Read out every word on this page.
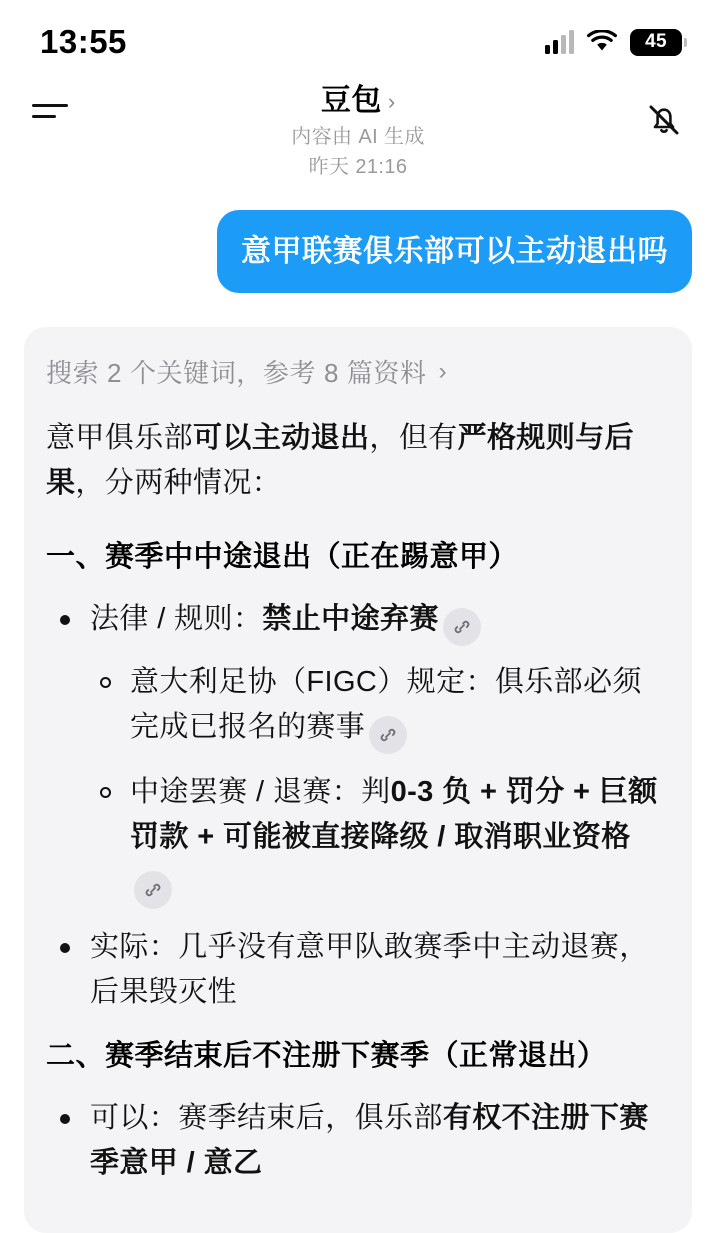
13:55	45
豆包 ›
内容由 AI 生成
昨天 21:16
意甲联赛俱乐部可以主动退出吗
搜索 2 个关键词， 参考 8 篇资料 ›

意甲俱乐部可以主动退出，但有严格规则与后果，分两种情况：

一、赛季中中途退出（正在踢意甲）
法律 / 规则：禁止中途弃赛
意大利足协（FIGC）规定：俱乐部必须完成已报名的赛事
中途罢赛 / 退赛：判0-3 负 + 罚分 + 巨额罚款 + 可能被直接降级 / 取消职业资格
实际：几乎没有意甲队敢赛季中主动退赛，后果毁灭性
二、赛季结束后不注册下赛季（正常退出）
可以：赛季结束后，俱乐部有权不注册下赛季意甲 / 意乙
